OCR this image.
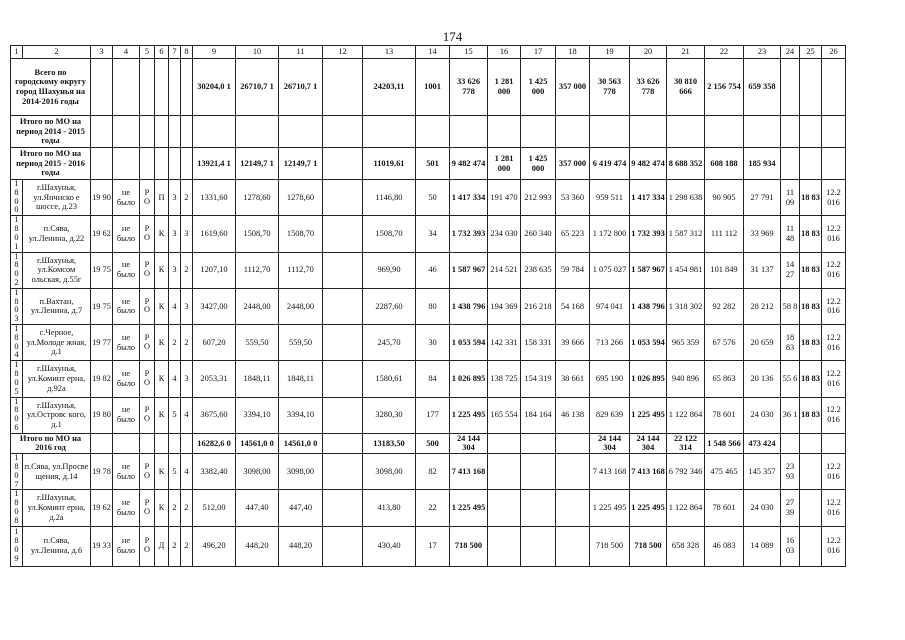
174
1	2	3	4	5	6	7	8	9	10	11	12	13	14	15	16	17	18	19	20	21	22	23	24	25	26
Всего по городскому округу город Шахунья на 2014-2016 годы								30204,0 1	26710,7 1	26710,7 1		24203,11	1001	33 626 778	1 281 000	1 425 000	357 000	30 563 778	33 626 778	30 810 666	2 156 754	659 358			
Итого по МО на период 2014 - 2015 годы																									
Итого по МО на период 2015 - 2016 годы								13921,4 1	12149,7 1	12149,7 1		11019,61	501	9 482 474	1 281 000	1 425 000	357 000	6 419 474	9 482 474	8 688 352	608 188	185 934			
1 8 0 0	г.Шахунья, ул.Янчнско е шоссе, д.23	19 90	не было	Р О	П	3	2	1331,60	1278,60	1278,60		1146,80	50	1 417 334	191 470	212 993	53 360	959 511	1 417 334	1 298 638	90 905	27 791	11 09	18 83	12.2 016
1 8 0 1	п.Сява, ул.Ленина, д.22	19 62	не было	Р О	К	3	3	1619,60	1508,70	1508,70		1508,70	34	1 732 393	234 030	260 340	65 223	1 172 800	1 732 393	1 587 312	111 112	33 969	11 48	18 83	12.2 016
1 8 0 2	г.Шахунья, ул.Комсом ольская, д.55г	19 75	не было	Р О	К	3	2	1207,10	1112,70	1112,70		969,90	46	1 587 967	214 521	238 635	59 784	1 075 027	1 587 967	1 454 981	101 849	31 137	14 27	18 83	12.2 016
1 8 0 3	п.Вахтан, ул.Ленина, д.7	19 75	не было	Р О	К	4	3	3427,00	2448,00	2448,00		2287,60	80	1 438 796	194 369	216 218	54 168	974 041	1 438 796	1 318 302	92 282	28 212	58 8	18 83	12.2 016
1 8 0 4	с.Черное, ул.Молоде жная, д.1	19 77	не было	Р О	К	2	2	607,20	559,50	559,50		245,70	30	1 053 594	142 331	158 331	39 666	713 266	1 053 594	965 359	67 576	20 659	18 83	18 83	12.2 016
1 8 0 5	г.Шахунья, ул.Коминт ерна, д.92а	19 82	не было	Р О	К	4	3	2053,31	1848,11	1848,11		1580,61	84	1 026 895	138 725	154 319	38 661	695 190	1 026 895	940 896	65 863	20 136	55 6	18 83	12.2 016
1 8 0 6	г.Шахунья, ул.Островс кого, д.1	19 80	не было	Р О	К	5	4	3675,60	3394,10	3394,10		3280,30	177	1 225 495	165 554	184 164	46 138	829 639	1 225 495	1 122 864	78 601	24 030	36 1	18 83	12.2 016
Итого по МО на 2016 год								16282,6 0	14561,0 0	14561,0 0		13183,50	500	24 144 304				24 144 304	24 144 304	22 122 314	1 548 566	473 424			
1 8 0 7	п.Сява, ул.Просве щения, д.14	19 78	не было	Р О	К	5	4	3382,40	3098,00	3098,00		3098,00	82	7 413 168				7 413 168	7 413 168	6 792 346	475 465	145 357	23 93		12.2 016
1 8 0 8	г.Шахунья, ул.Коминт ерна, д.2а	19 62	не было	Р О	К	2	2	512,00	447,40	447,40		413,80	22	1 225 495				1 225 495	1 225 495	1 122 864	78 601	24 030	27 39		12.2 016
1 8 0 9	п.Сява, ул.Ленина, д.6	19 33	не было	Р О	Д	2	2	496,20	448,20	448,20		430,40	17	718 500				718 500	718 500	658 328	46 083	14 089	16 03		12.2 016
